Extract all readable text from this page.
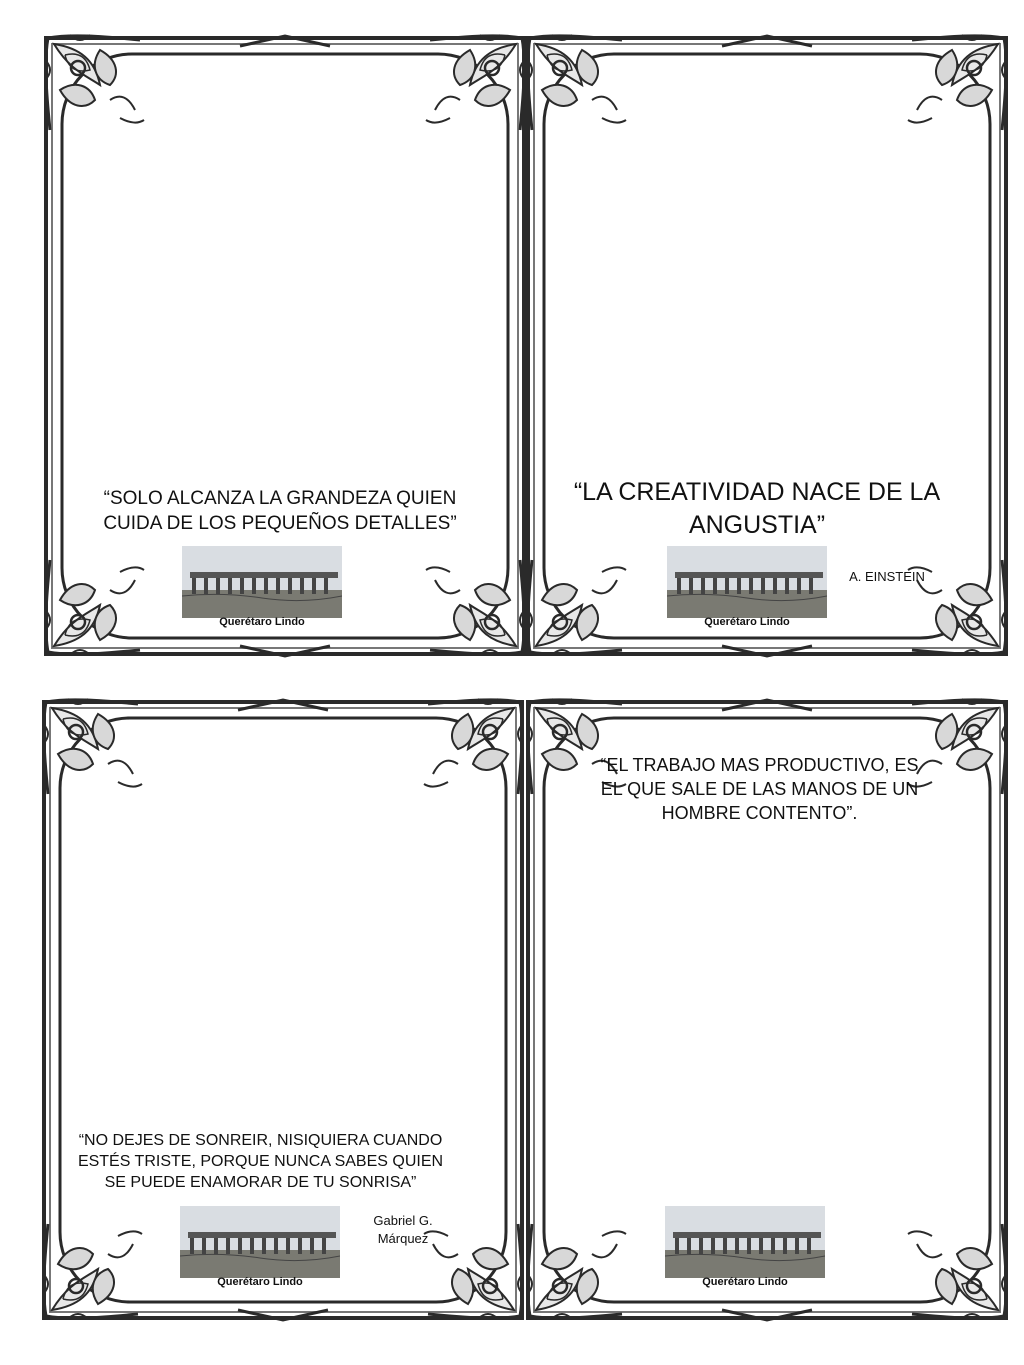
“SOLO ALCANZA LA GRANDEZA QUIEN CUIDA DE LOS PEQUEÑOS DETALLES”
Querétaro Lindo
“LA CREATIVIDAD NACE DE LA ANGUSTIA”
A. EINSTEIN
Querétaro Lindo
“NO DEJES DE SONREIR, NISIQUIERA CUANDO ESTÉS TRISTE, PORQUE NUNCA SABES QUIEN SE PUEDE ENAMORAR DE TU SONRISA”
Gabriel G. Márquez
Querétaro Lindo
“EL TRABAJO MAS PRODUCTIVO, ES EL QUE SALE DE LAS MANOS DE UN HOMBRE CONTENTO”.
Querétaro Lindo
